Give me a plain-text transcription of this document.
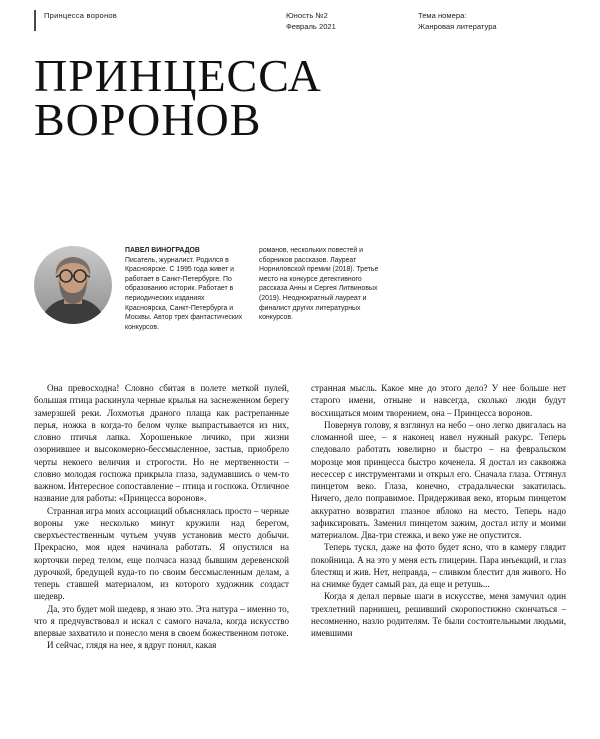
Принцесса воронов	Юность №2
Февраль 2021
Тема номера:
Жанровая литература
ПРИНЦЕССА
ВОРОНОВ
ПАВЕЛ ВИНОГРАДОВ
Писатель, журналист. Родился в Красноярске. С 1995 года живет и работает в Санкт-Петербурге. По образованию историк. Работает в периодических изданиях Красноярска, Санкт-Петербурга и Москвы. Автор трех фантастических конкурсов.
романов, нескольких повестей и сборников рассказов. Лауреат Норниловской премии (2018). Третье место на конкурсе детективного рассказа Анны и Сергея Литвиновых (2019). Неоднократный лауреат и финалист других литературных конкурсов.

Она превосходна! Словно сбитая в полете меткой пулей, большая птица раскинула черные крылья на заснеженном берегу замерзшей реки. Лохмотья драного плаща как растрепанные перья, ножка в когда-то белом чулке выпрастывается из них, словно птичья лапка. Хорошенькое личико, при жизни озорнившее и высокомерно-бессмысленное, застыв, приобрело черты некоего величия и строгости. Но не мертвенности – словно молодая госпожа прикрыла глаза, задумавшись о чем-то важном. Интересное сопоставление – птица и госпожа. Отличное название для работы: «Принцесса воронов».

Странная игра моих ассоциаций объяснялась просто – черные вороны уже несколько минут кружили над берегом, сверхъестественным чутьем учуяв установив место добычи. Прекрасно, моя идея начинала работать. Я опустился на корточки перед телом, еще полчаса назад бывшим деревенской дурочкой, бредущей куда-то по своим бессмысленным делам, а теперь ставшей материалом, из которого художник создаст шедевр.

Да, это будет мой шедевр, я знаю это. Эта натура – именно то, что я предчувствовал и искал с самого начала, когда искусство впервые захватило и понесло меня в своем божественном потоке.

И сейчас, глядя на нее, я вдруг понял, какая

странная мысль. Какое мне до этого дело? У нее больше нет старого имени, отныне и навсегда, сколько люди будут восхищаться моим творением, она – Принцесса воронов.

Повернув голову, я взглянул на небо – оно легко двигалась на сломанной шее, – я наконец навел нужный ракурс. Теперь следовало работать ювелирно и быстро – на февральском морозце моя принцесса быстро коченела. Я достал из саквояжа несессер с инструментами и открыл его. Сначала глаза. Оттянул пинцетом веко. Глаза, конечно, страдальчески закатилась. Ничего, дело поправимое. Придерживая веко, вторым пинцетом аккуратно возвратил глазное яблоко на место. Теперь надо зафиксировать. Заменил пинцетом зажим, достал иглу и моими материалом. Два-три стежка, и веко уже не опустится.

Теперь тускл, даже на фото будет ясно, что в камеру глядит покойница. А на это у меня есть глицерин. Пара инъекций, и глаз блестящ и жив. Нет, неправда, – сливком блестит для живого. Но на снимке будет самый раз, да еще и ретушь...

Когда я делал первые шаги в искусстве, меня замучил один трехлетний парнишец, решивший скоропостижно скончаться – несомненно, назло родителям. Те были состоятельными людьми, имевшими
